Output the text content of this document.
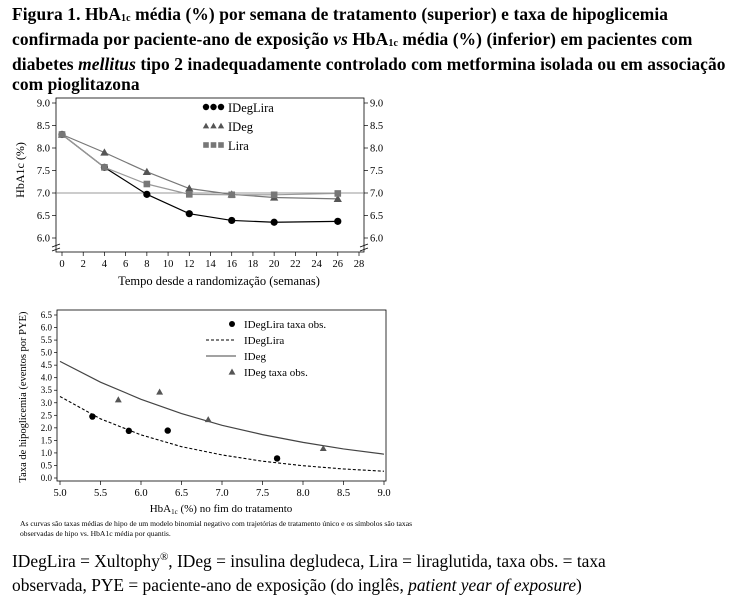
Figura 1. HbA$_{1c}$ média (%) por semana de tratamento (superior) e taxa de hipoglicemia confirmada por paciente-ano de exposição vs HbA$_{1c}$ média (%) (inferior) em pacientes com diabetes mellitus tipo 2 inadequadamente controlado com metformina isolada ou em associação com pioglitazona
6.0	6.0
6.5	6.5
7.0	7.0
7.5	7.5
8.0	8.0
8.5	8.5
9.0	9.0
0 2 4 6 8 10 12 14 16 18 20 22 24 26 28
Tempo desde a randomização (semanas)
HbA1c (%)
IDegLira
IDeg
Lira
0.0
0.5
1.0
1.5
2.0
2.5
3.0
3.5
4.0
4.5
5.0
5.5
6.0
6.5
5.0	5.5	6.0	6.5	7.0	7.5	8.0	8.5	9.0
HbA1c (%) no fim do tratamento
Taxa de hipoglicemia (eventos por PYE)	IDegLira taxa obs.
IDegLira
IDeg
IDeg taxa obs.
As curvas são taxas médias de hipo de um modelo binomial negativo com trajetórias de tratamento único e os símbolos são taxas observadas de hipo vs. HbA1c média por quantis.
IDegLira = Xultophy®, IDeg = insulina degludeca, Lira = liraglutida, taxa obs. = taxa
observada, PYE = paciente-ano de exposição (do inglês, patient year of exposure)
